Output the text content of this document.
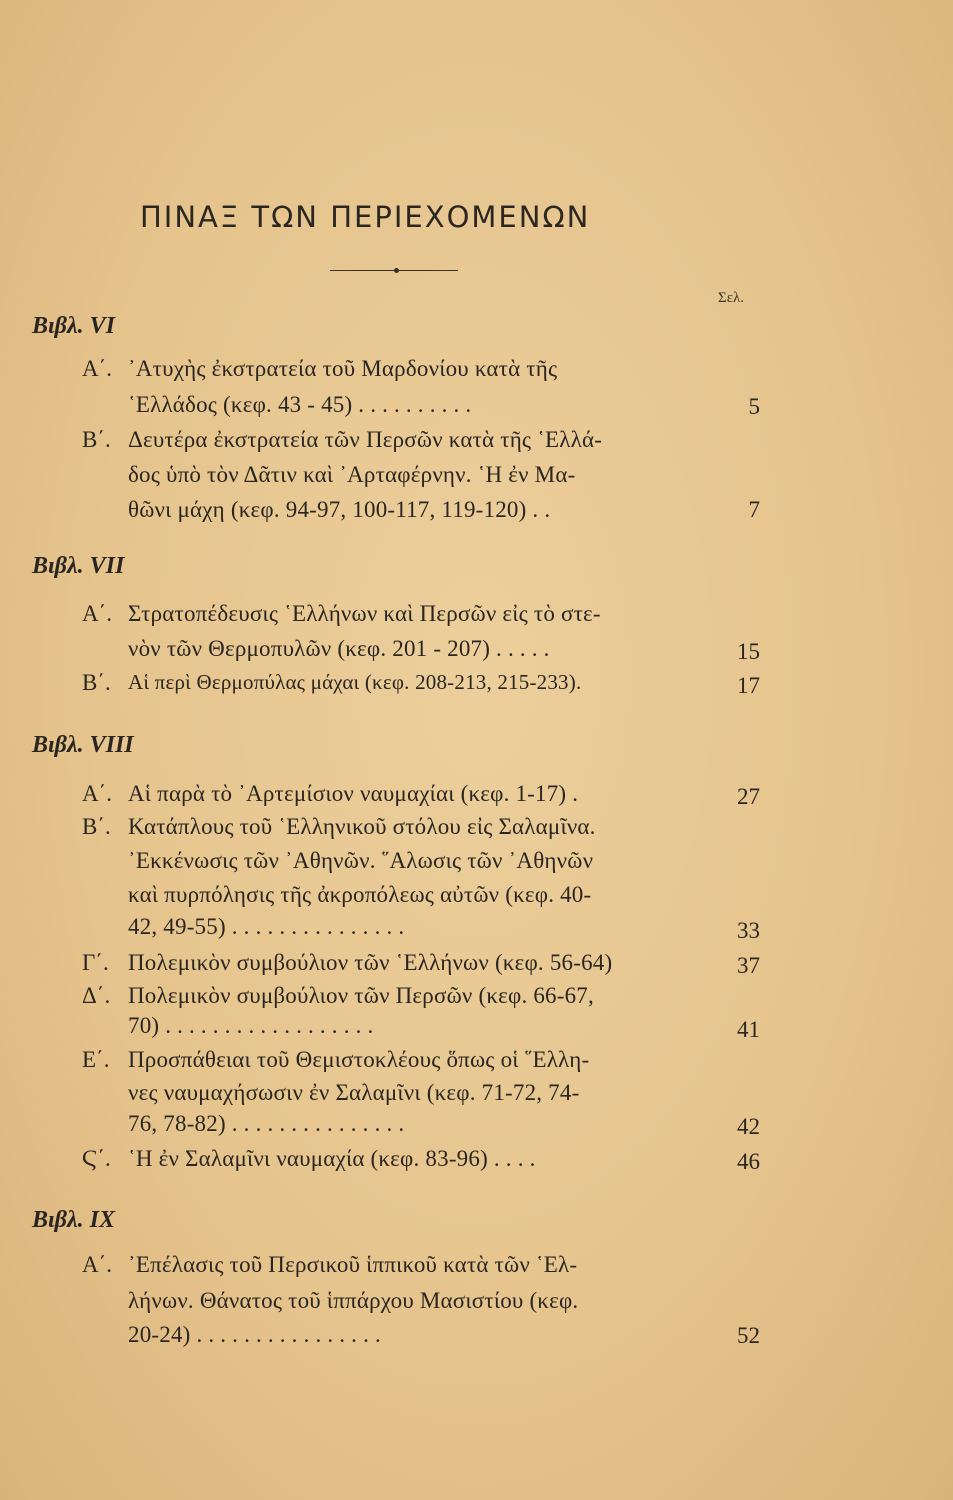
ΠΙΝΑΞ ΤΩΝ ΠΕΡΙΕΧΟΜΕΝΩΝ
Σελ.
Βιβλ. VI
Α΄. ᾿Ατυχὴς ἐκστρατεία τοῦ Μαρδονίου κατὰ τῆς
῾Ελλάδος (κεφ. 43 - 45) . . . . . . . . . .	5
Β΄. Δευτέρα ἐκστρατεία τῶν Περσῶν κατὰ τῆς ῾Ελλά-
δος ὑπὸ τὸν Δᾶτιν καὶ ᾿Αρταφέρνην. ῾Η ἐν Μα-
θῶνι μάχη (κεφ. 94-97, 100-117, 119-120) . .	7
Βιβλ. VII
Α΄. Στρατοπέδευσις ῾Ελλήνων καὶ Περσῶν εἰς τὸ στε-
νὸν τῶν Θερμοπυλῶν (κεφ. 201 - 207) . . . . .	15
Β΄. Αἱ περὶ Θερμοπύλας μάχαι (κεφ. 208-213, 215-233).	17
Βιβλ. VIII
Α΄. Αἱ παρὰ τὸ ᾿Αρτεμίσιον ναυμαχίαι (κεφ. 1-17) .	27
Β΄. Κατάπλους τοῦ ῾Ελληνικοῦ στόλου εἰς Σαλαμῖνα.
᾿Εκκένωσις τῶν ᾿Αθηνῶν. ῞Αλωσις τῶν ᾿Αθηνῶν
καὶ πυρπόλησις τῆς ἀκροπόλεως αὐτῶν (κεφ. 40-
42, 49-55) . . . . . . . . . . . . . . .	33
Γ΄. Πολεμικὸν συμβούλιον τῶν ῾Ελλήνων (κεφ. 56-64)	37
Δ΄. Πολεμικὸν συμβούλιον τῶν Περσῶν (κεφ. 66-67,
70) . . . . . . . . . . . . . . . . . .	41
Ε΄. Προσπάθειαι τοῦ Θεμιστοκλέους ὅπως οἱ ῞Ελλη-
νες ναυμαχήσωσιν ἐν Σαλαμῖνι (κεφ. 71-72, 74-
76, 78-82) . . . . . . . . . . . . . . .	42
Ϛ΄. ῾Η ἐν Σαλαμῖνι ναυμαχία (κεφ. 83-96) . . . .	46
Βιβλ. IX
Α΄. ᾿Επέλασις τοῦ Περσικοῦ ἱππικοῦ κατὰ τῶν ῾Ελ-
λήνων. Θάνατος τοῦ ἱππάρχου Μασιστίου (κεφ.
20-24) . . . . . . . . . . . . . . . .	52
